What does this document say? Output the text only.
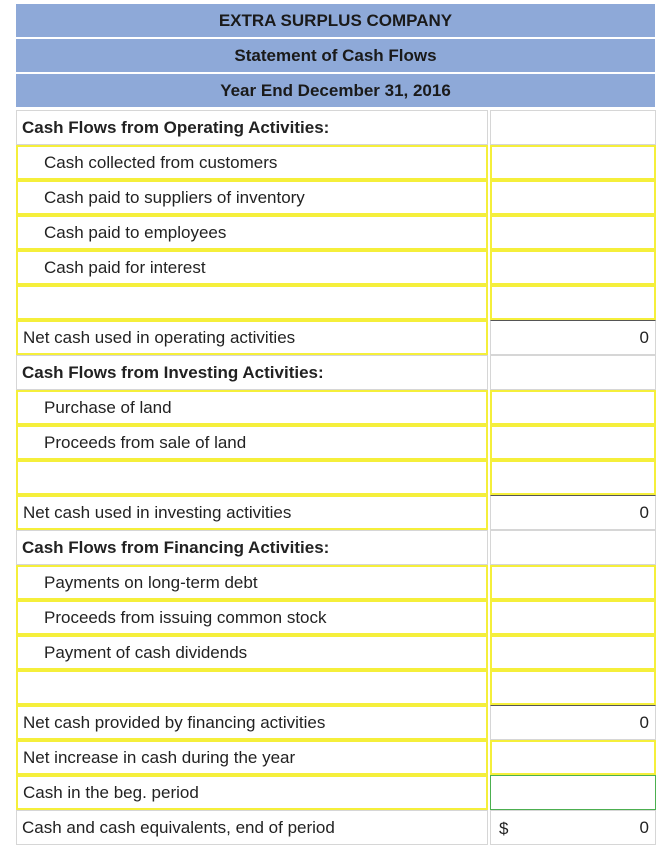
EXTRA SURPLUS COMPANY
Statement of Cash Flows
Year End December 31, 2016
Cash Flows from Operating Activities:
Cash collected from customers
Cash paid to suppliers of inventory
Cash paid to employees
Cash paid for interest
Net cash used in operating activities	0
Cash Flows from Investing Activities:
Purchase of land
Proceeds from sale of land
Net cash used in investing activities	0
Cash Flows from Financing Activities:
Payments on long-term debt
Proceeds from issuing common stock
Payment of cash dividends
Net cash provided by financing activities	0
Net increase in cash during the year
Cash in the beg. period
Cash and cash equivalents, end of period	$	0
